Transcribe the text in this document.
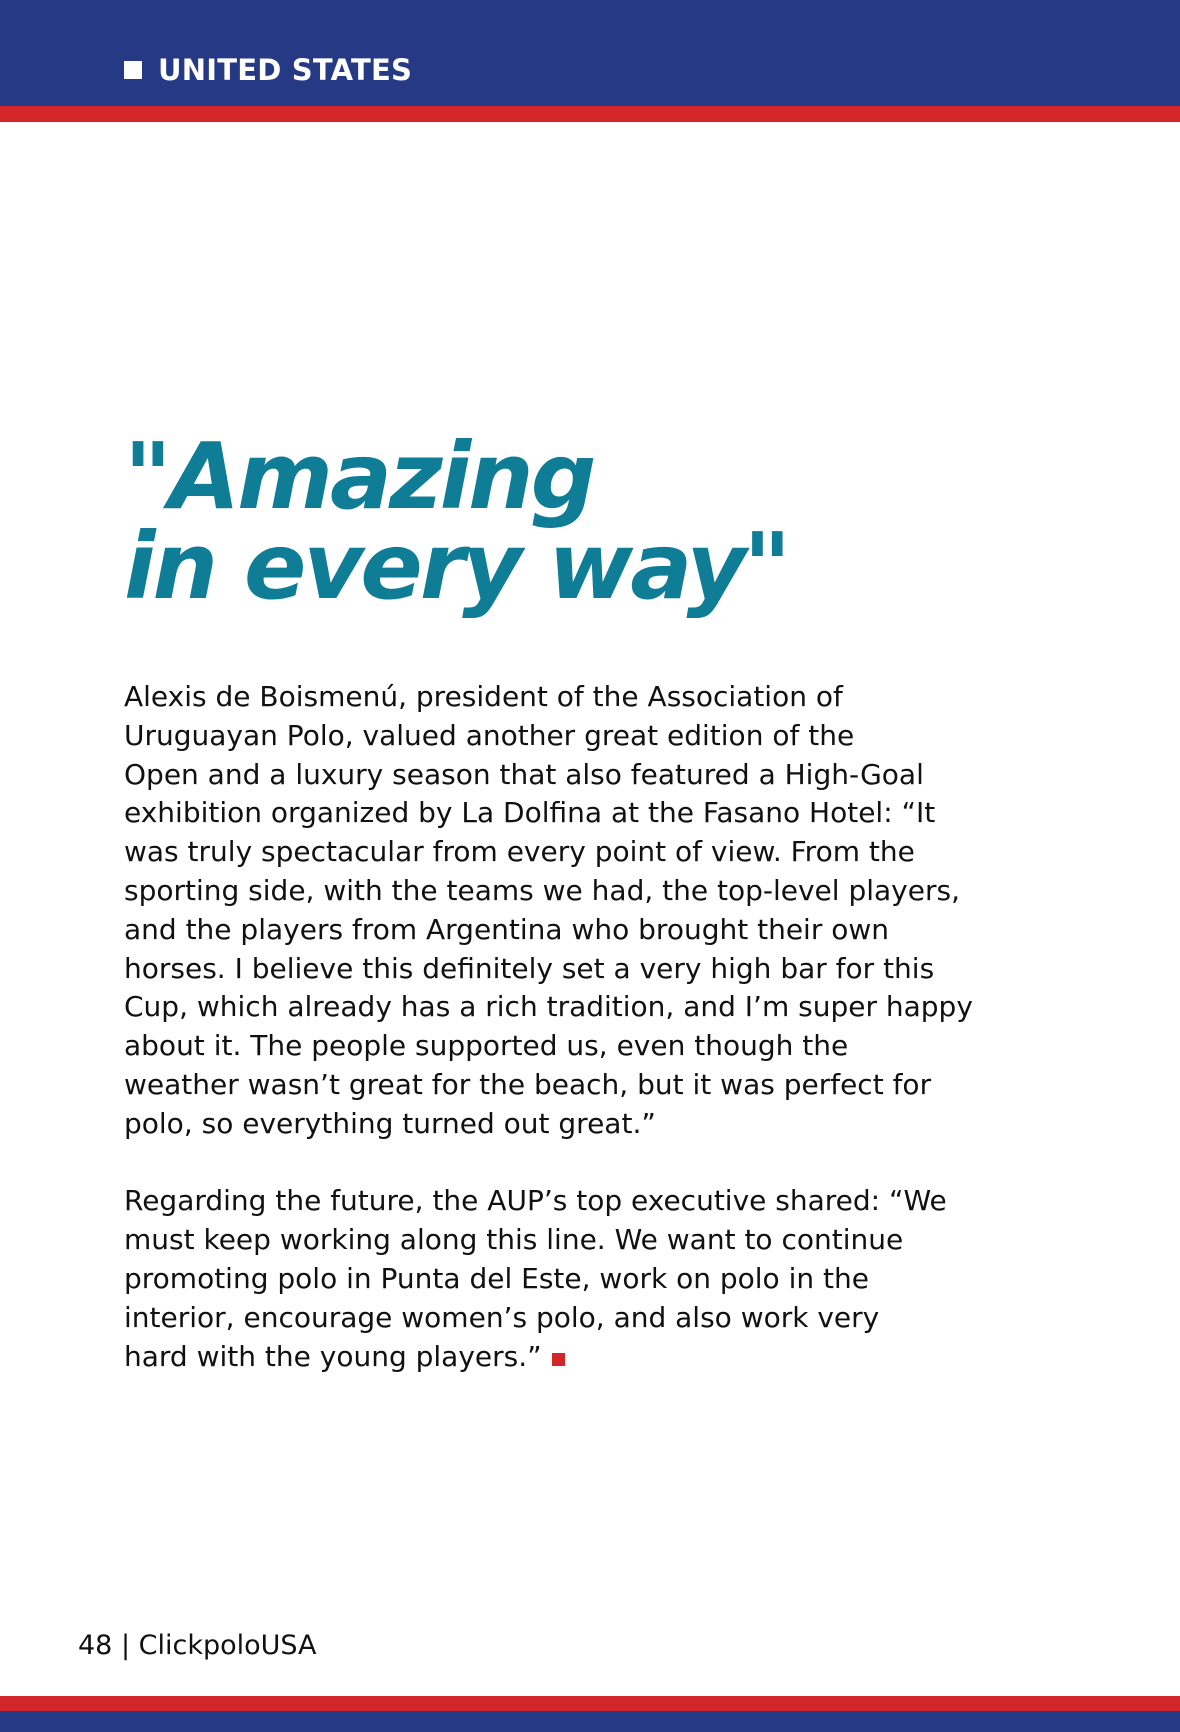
UNITED STATES
"Amazing
in every way"

Alexis de Boismenú, president of the Association of
Uruguayan Polo, valued another great edition of the
Open and a luxury season that also featured a High-Goal
exhibition organized by La Dolfina at the Fasano Hotel: “It
was truly spectacular from every point of view. From the
sporting side, with the teams we had, the top-level players,
and the players from Argentina who brought their own
horses. I believe this definitely set a very high bar for this
Cup, which already has a rich tradition, and I’m super happy
about it. The people supported us, even though the
weather wasn’t great for the beach, but it was perfect for
polo, so everything turned out great.”

Regarding the future, the AUP’s top executive shared: “We
must keep working along this line. We want to continue
promoting polo in Punta del Este, work on polo in the
interior, encourage women’s polo, and also work very
hard with the young players.”

48 | ClickpoloUSA
